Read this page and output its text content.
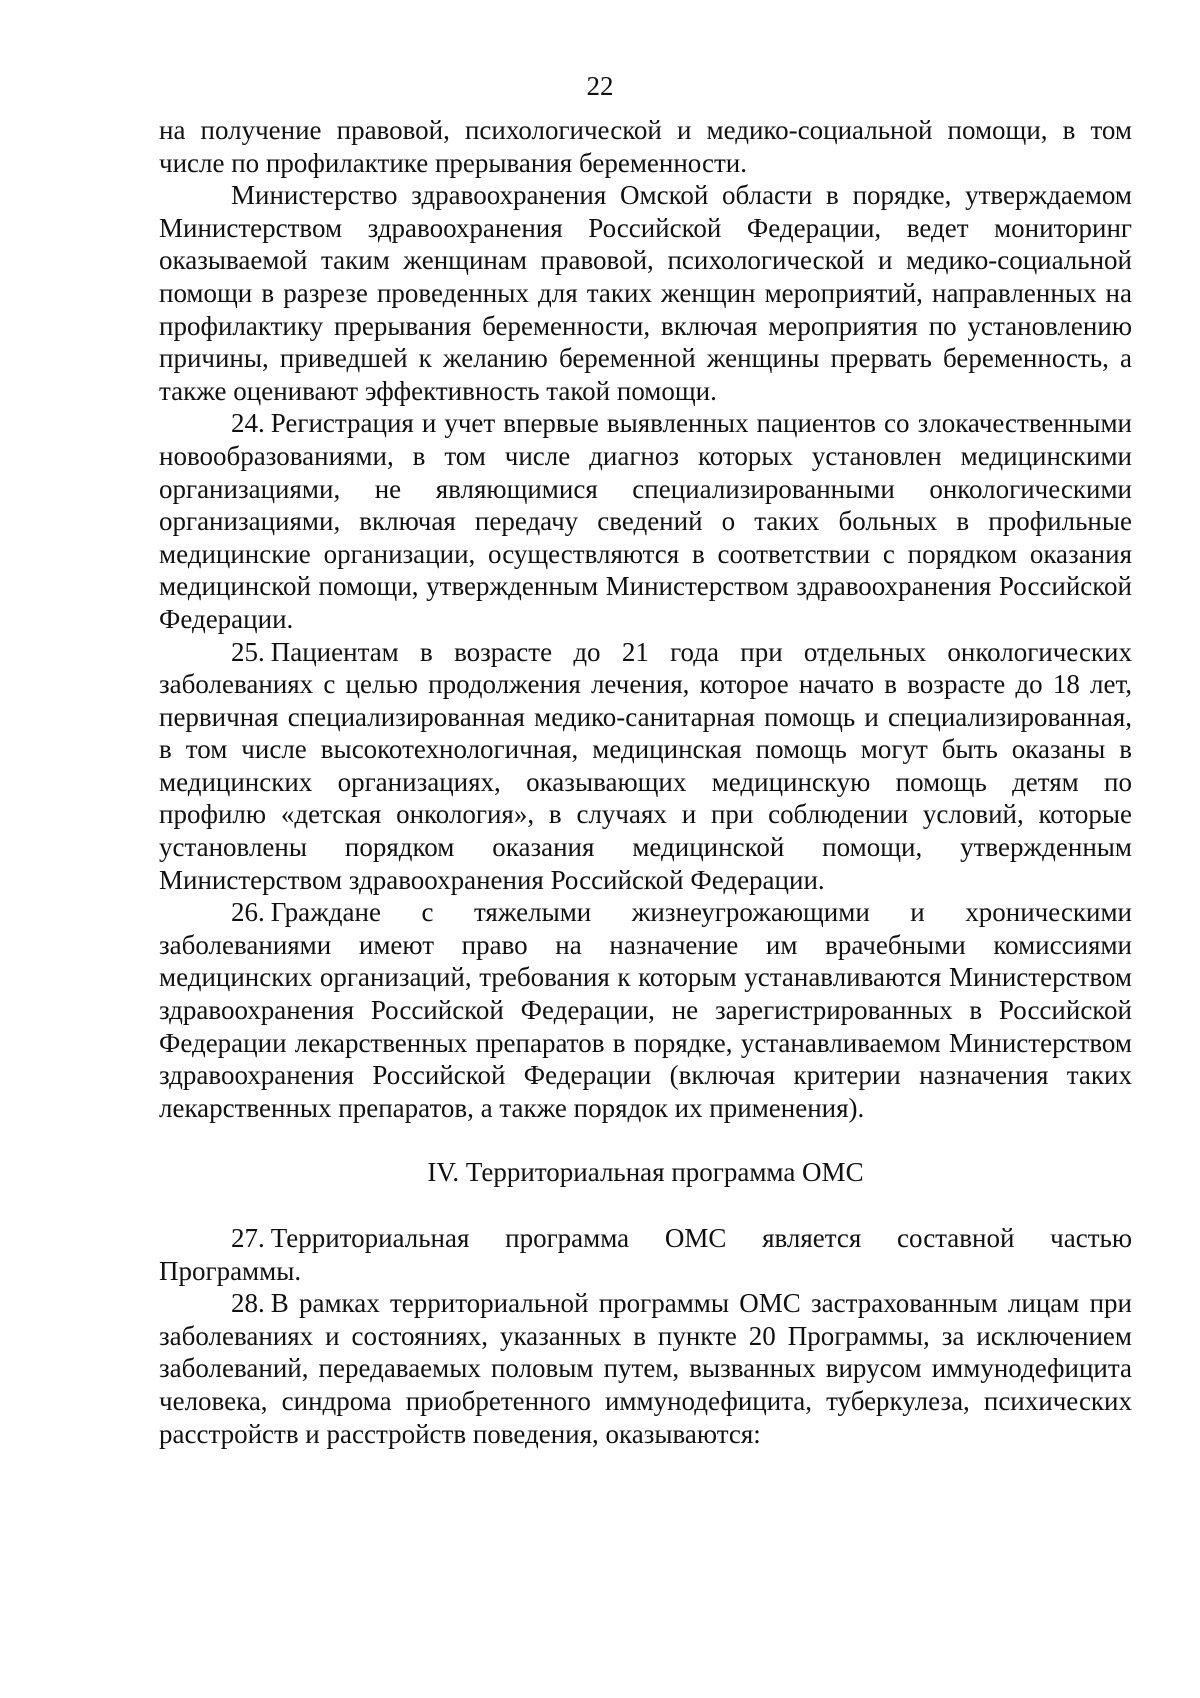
22

на получение правовой, психологической и медико-социальной помощи, в том числе по профилактике прерывания беременности.

Министерство здравоохранения Омской области в порядке, утверждаемом Министерством здравоохранения Российской Федерации, ведет мониторинг оказываемой таким женщинам правовой, психологической и медико-социальной помощи в разрезе проведенных для таких женщин мероприятий, направленных на профилактику прерывания беременности, включая мероприятия по установлению причины, приведшей к желанию беременной женщины прервать беременность, а также оценивают эффективность такой помощи.

24. Регистрация и учет впервые выявленных пациентов со злокачественными новообразованиями, в том числе диагноз которых установлен медицинскими организациями, не являющимися специализированными онкологическими организациями, включая передачу сведений о таких больных в профильные медицинские организации, осуществляются в соответствии с порядком оказания медицинской помощи, утвержденным Министерством здравоохранения Российской Федерации.

25. Пациентам в возрасте до 21 года при отдельных онкологических заболеваниях с целью продолжения лечения, которое начато в возрасте до 18 лет, первичная специализированная медико-санитарная помощь и специализированная, в том числе высокотехнологичная, медицинская помощь могут быть оказаны в медицинских организациях, оказывающих медицинскую помощь детям по профилю «детская онкология», в случаях и при соблюдении условий, которые установлены порядком оказания медицинской помощи, утвержденным Министерством здравоохранения Российской Федерации.

26. Граждане с тяжелыми жизнеугрожающими и хроническими заболеваниями имеют право на назначение им врачебными комиссиями медицинских организаций, требования к которым устанавливаются Министерством здравоохранения Российской Федерации, не зарегистрированных в Российской Федерации лекарственных препаратов в порядке, устанавливаемом Министерством здравоохранения Российской Федерации (включая критерии назначения таких лекарственных препаратов, а также порядок их применения).

IV. Территориальная программа ОМС

27. Территориальная программа ОМС является составной частью Программы.

28. В рамках территориальной программы ОМС застрахованным лицам при заболеваниях и состояниях, указанных в пункте 20 Программы, за исключением заболеваний, передаваемых половым путем, вызванных вирусом иммунодефицита человека, синдрома приобретенного иммунодефицита, туберкулеза, психических расстройств и расстройств поведения, оказываются:
